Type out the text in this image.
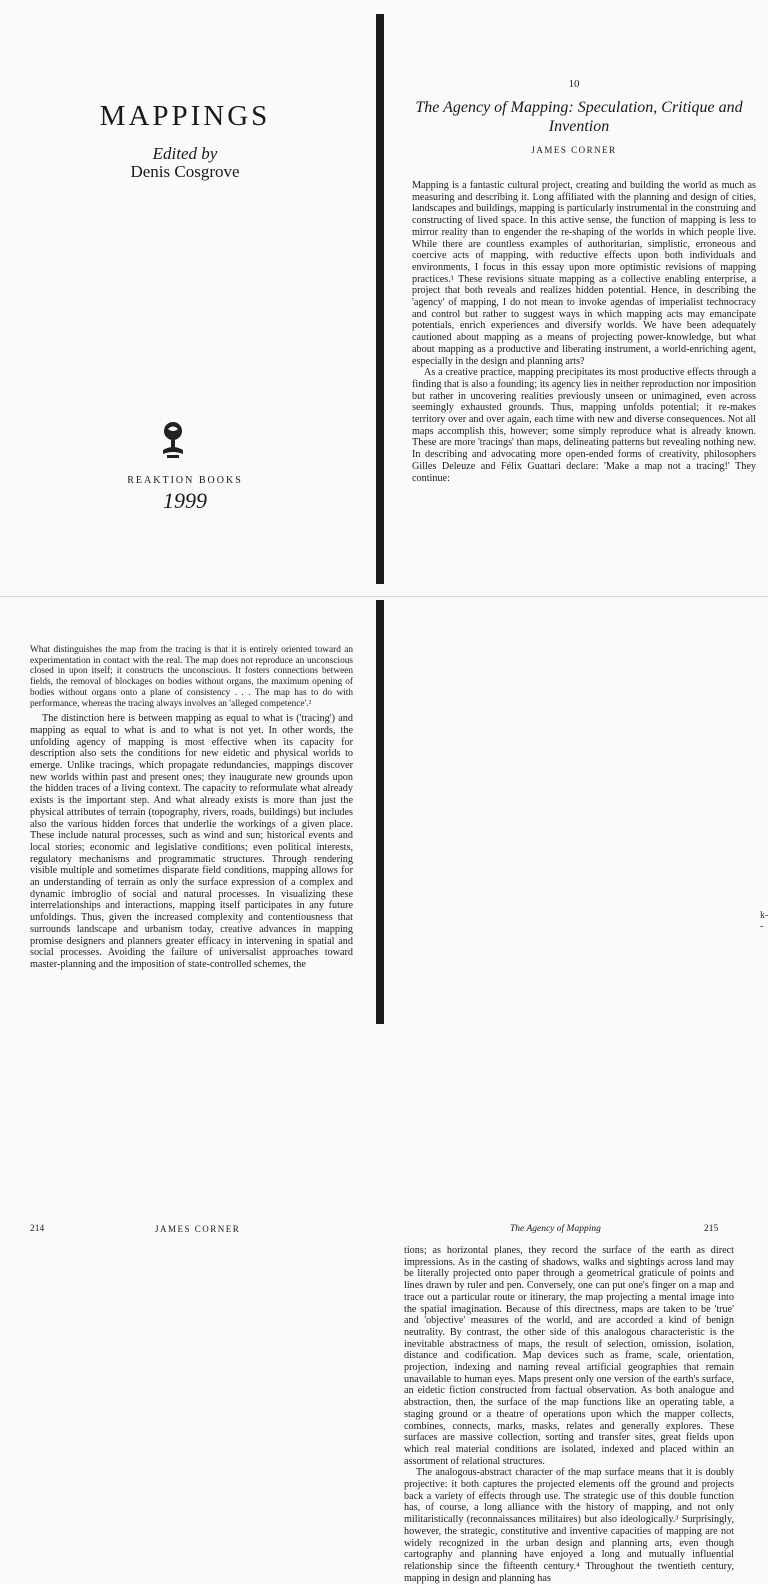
MAPPINGS
Edited by
Denis Cosgrove
REAKTION BOOKS
1999
10
The Agency of Mapping: Speculation, Critique and Invention
JAMES CORNER

Mapping is a fantastic cultural project, creating and building the world as much as measuring and describing it. Long affiliated with the planning and design of cities, landscapes and buildings, mapping is particularly instrumental in the construing and constructing of lived space. In this active sense, the function of mapping is less to mirror reality than to engender the re-shaping of the worlds in which people live. While there are countless examples of authoritarian, simplistic, erroneous and coercive acts of mapping, with reductive effects upon both individuals and environments, I focus in this essay upon more optimistic revisions of mapping practices.¹ These revisions situate mapping as a collective enabling enterprise, a project that both reveals and realizes hidden potential. Hence, in describing the 'agency' of mapping, I do not mean to invoke agendas of imperialist technocracy and control but rather to suggest ways in which mapping acts may emancipate potentials, enrich experiences and diversify worlds. We have been adequately cautioned about mapping as a means of projecting power-knowledge, but what about mapping as a productive and liberating instrument, a world-enriching agent, especially in the design and planning arts?

As a creative practice, mapping precipitates its most productive effects through a finding that is also a founding; its agency lies in neither reproduction nor imposition but rather in uncovering realities previously unseen or unimagined, even across seemingly exhausted grounds. Thus, mapping unfolds potential; it re-makes territory over and over again, each time with new and diverse consequences. Not all maps accomplish this, however; some simply reproduce what is already known. These are more 'tracings' than maps, delineating patterns but revealing nothing new. In describing and advocating more open-ended forms of creativity, philosophers Gilles Deleuze and Félix Guattari declare: 'Make a map not a tracing!' They continue:

214	JAMES CORNER

What distinguishes the map from the tracing is that it is entirely oriented toward an experimentation in contact with the real. The map does not reproduce an unconscious closed in upon itself; it constructs the unconscious. It fosters connections between fields, the removal of blockages on bodies without organs, the maximum opening of bodies without organs onto a plane of consistency . . . The map has to do with performance, whereas the tracing always involves an 'alleged competence'.²

The distinction here is between mapping as equal to what is ('tracing') and mapping as equal to what is and to what is not yet. In other words, the unfolding agency of mapping is most effective when its capacity for description also sets the conditions for new eidetic and physical worlds to emerge. Unlike tracings, which propagate redundancies, mappings discover new worlds within past and present ones; they inaugurate new grounds upon the hidden traces of a living context. The capacity to reformulate what already exists is the important step. And what already exists is more than just the physical attributes of terrain (topography, rivers, roads, buildings) but includes also the various hidden forces that underlie the workings of a given place. These include natural processes, such as wind and sun; historical events and local stories; economic and legislative conditions; even political interests, regulatory mechanisms and programmatic structures. Through rendering visible multiple and sometimes disparate field conditions, mapping allows for an understanding of terrain as only the surface expression of a complex and dynamic imbroglio of social and natural processes. In visualizing these interrelationships and interactions, mapping itself participates in any future unfoldings. Thus, given the increased complexity and contentiousness that surrounds landscape and urbanism today, creative advances in mapping promise designers and planners greater efficacy in intervening in spatial and social processes. Avoiding the failure of universalist approaches toward master-planning and the imposition of state-controlled schemes, the

The Agency of Mapping	215

tions; as horizontal planes, they record the surface of the earth as direct impressions. As in the casting of shadows, walks and sightings across land may be literally projected onto paper through a geometrical graticule of points and lines drawn by ruler and pen. Conversely, one can put one's finger on a map and trace out a particular route or itinerary, the map projecting a mental image into the spatial imagination. Because of this directness, maps are taken to be 'true' and 'objective' measures of the world, and are accorded a kind of benign neutrality. By contrast, the other side of this analogous characteristic is the inevitable abstractness of maps, the result of selection, omission, isolation, distance and codification. Map devices such as frame, scale, orientation, projection, indexing and naming reveal artificial geographies that remain unavailable to human eyes. Maps present only one version of the earth's surface, an eidetic fiction constructed from factual observation. As both analogue and abstraction, then, the surface of the map functions like an operating table, a staging ground or a theatre of operations upon which the mapper collects, combines, connects, marks, masks, relates and generally explores. These surfaces are massive collection, sorting and transfer sites, great fields upon which real material conditions are isolated, indexed and placed within an assortment of relational structures.

The analogous-abstract character of the map surface means that it is doubly projective: it both captures the projected elements off the ground and projects back a variety of effects through use. The strategic use of this double function has, of course, a long alliance with the history of mapping, and not only militaristically (reconnaissances militaires) but also ideologically.³ Surprisingly, however, the strategic, constitutive and inventive capacities of mapping are not widely recognized in the urban design and planning arts, even though cartography and planning have enjoyed a long and mutually influential relationship since the fifteenth century.⁴ Throughout the twentieth century, mapping in design and planning has

k- -
